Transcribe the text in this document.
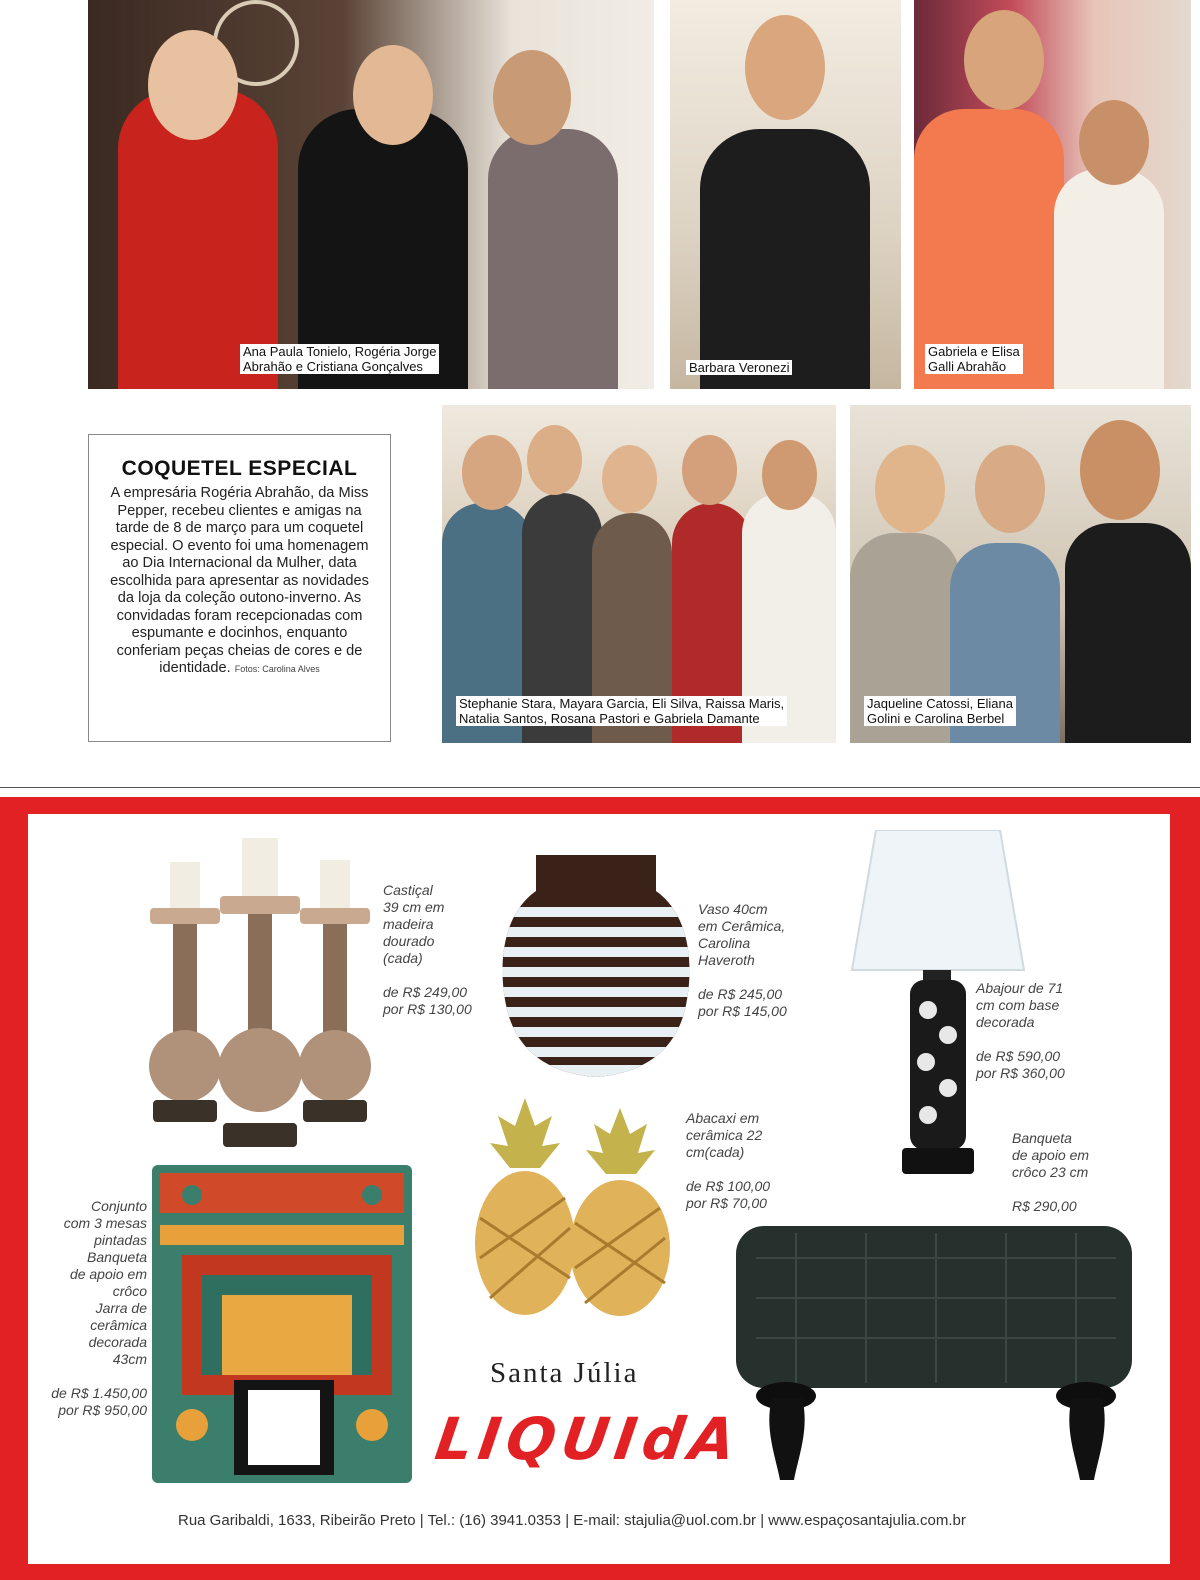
Ana Paula Tonielo, Rogéria Jorge
Abrahão e Cristiana Gonçalves	Barbara Veronezi
Gabriela e Elisa
Galli Abrahão
COQUETEL ESPECIAL

A empresária Rogéria Abrahão, da Miss Pepper, recebeu clientes e amigas na tarde de 8 de março para um coquetel especial. O evento foi uma homenagem ao Dia Internacional da Mulher, data escolhida para apresentar as novidades da loja da coleção outono-inverno. As convidadas foram recepcionadas com espumante e docinhos, enquanto conferiam peças cheias de cores e de identidade. Fotos: Carolina Alves

Stephanie Stara, Mayara Garcia, Eli Silva, Raissa Maris,
Natalia Santos, Rosana Pastori e Gabriela Damante
Jaqueline Catossi, Eliana
Golini e Carolina Berbel
Castiçal
39 cm em
madeira
dourado
(cada)
de R$ 249,00
por R$ 130,00
Vaso 40cm
em Cerâmica,
Carolina
Haveroth
de R$ 245,00
por R$ 145,00
Abajour de 71
cm com base
decorada
de R$ 590,00
por R$ 360,00
Abacaxi em
cerâmica 22
cm(cada)
de R$ 100,00
por R$ 70,00
Banqueta
de apoio em
crôco 23 cm
R$ 290,00
Conjunto
com 3 mesas
pintadas
Banqueta
de apoio em
crôco
Jarra de
cerâmica
decorada
43cm
de R$ 1.450,00
por R$ 950,00
Santa Júlia
LIQUIdA
Rua Garibaldi, 1633, Ribeirão Preto | Tel.: (16) 3941.0353 | E-mail: stajulia@uol.com.br | www.espaçosantajulia.com.br
